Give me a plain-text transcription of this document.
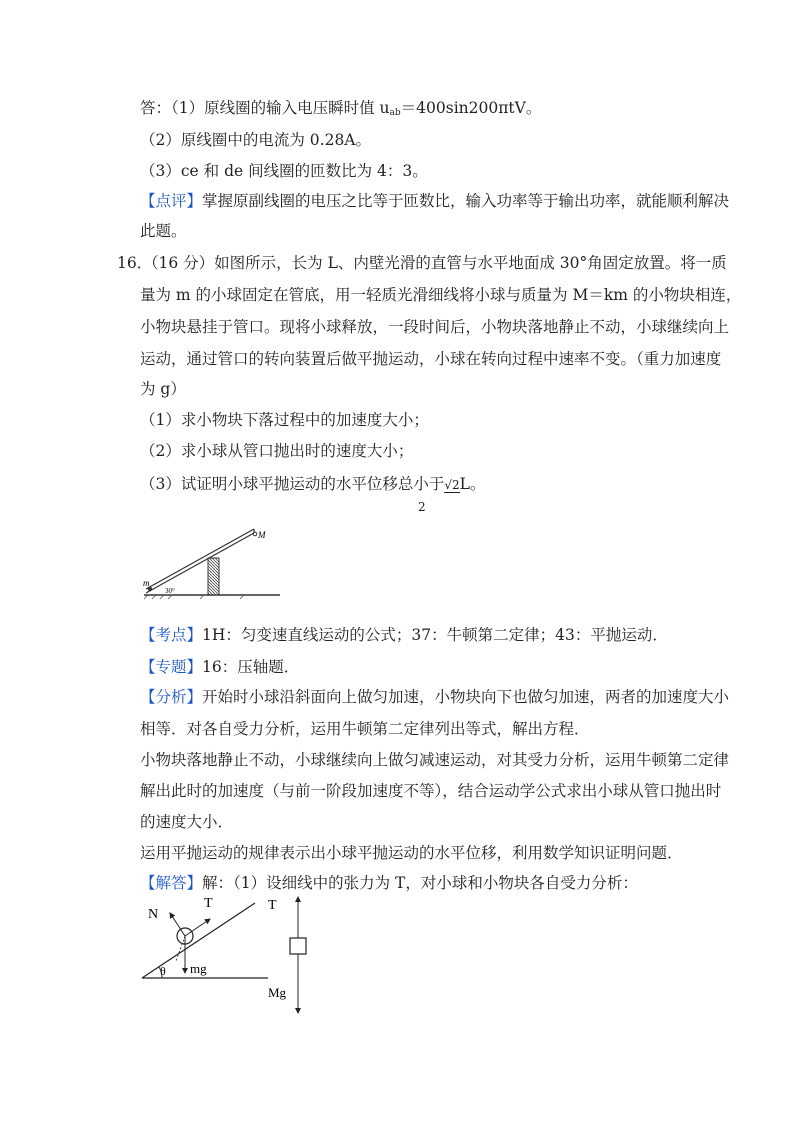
答：（1）原线圈的输入电压瞬时值 $u_{ab}=400\sin 200\pi tV$。
（2）原线圈中的电流为 0.28A。
（3）ce 和 de 间线圈的匝数比为 4：3。
【点评】掌握原副线圈的电压之比等于匝数比，输入功率等于输出功率，就能顺利解决
此题。
16．
（16 分）如图所示，长为 L、内壁光滑的直管与水平地面成 30°角固定放置。将一质
量为 m 的小球固定在管底，用一轻质光滑细线将小球与质量为 M＝km 的小物块相连，
小物块悬挂于管口。现将小球释放，一段时间后，小物块落地静止不动，小球继续向上
运动，通过管口的转向装置后做平抛运动，小球在转向过程中速率不变。（重力加速度
为 g）
（1）求小物块下落过程中的加速度大小；
（2）求小球从管口抛出时的速度大小；
（3）试证明小球平抛运动的水平位移总小于√2L。
2
M
m
30°
【考点】1H：匀变速直线运动的公式；37：牛顿第二定律；43：平抛运动．
【专题】16：压轴题．
【分析】开始时小球沿斜面向上做匀加速，小物块向下也做匀加速，两者的加速度大小
相等．对各自受力分析，运用牛顿第二定律列出等式，解出方程．
小物块落地静止不动，小球继续向上做匀减速运动，对其受力分析，运用牛顿第二定律
解出此时的加速度（与前一阶段加速度不等），结合运动学公式求出小球从管口抛出时
的速度大小．
运用平抛运动的规律表示出小球平抛运动的水平位移，利用数学知识证明问题．
【解答】解：（1）设细线中的张力为 T，对小球和小物块各自受力分析：
θ
N
T
mg
T
Mg
